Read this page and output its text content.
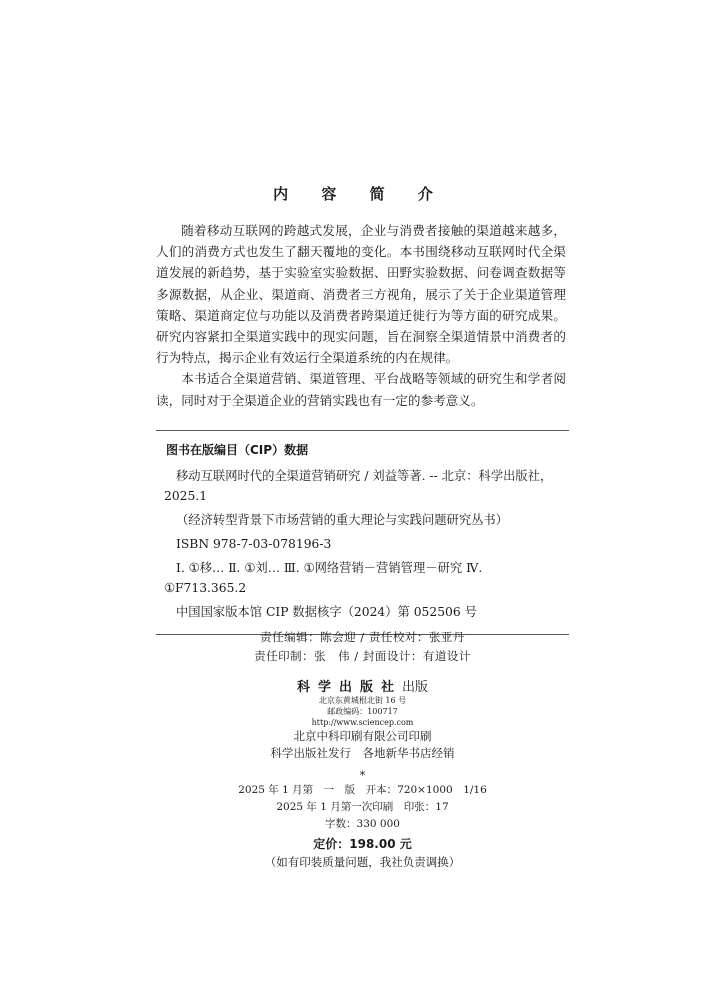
内 容 简 介

随着移动互联网的跨越式发展，企业与消费者接触的渠道越来越多，人们的消费方式也发生了翻天覆地的变化。本书围绕移动互联网时代全渠道发展的新趋势，基于实验室实验数据、田野实验数据、问卷调查数据等多源数据，从企业、渠道商、消费者三方视角，展示了关于企业渠道管理策略、渠道商定位与功能以及消费者跨渠道迁徙行为等方面的研究成果。研究内容紧扣全渠道实践中的现实问题，旨在洞察全渠道情景中消费者的行为特点，揭示企业有效运行全渠道系统的内在规律。

本书适合全渠道营销、渠道管理、平台战略等领域的研究生和学者阅读，同时对于全渠道企业的营销实践也有一定的参考意义。

图书在版编目（CIP）数据
移动互联网时代的全渠道营销研究 / 刘益等著. -- 北京：科学出版社，2025.1
（经济转型背景下市场营销的重大理论与实践问题研究丛书）
ISBN 978-7-03-078196-3
Ⅰ. ①移… Ⅱ. ①刘… Ⅲ. ①网络营销－营销管理－研究 Ⅳ. ①F713.365.2
中国国家版本馆 CIP 数据核字（2024）第 052506 号
责任编辑：陈会迎 / 责任校对：张亚丹
责任印制：张　伟 / 封面设计：有道设计
科学出版社出版
北京东黄城根北街 16 号
邮政编码：100717
http://www.sciencep.com
北京中科印刷有限公司印刷
科学出版社发行　各地新华书店经销
*
2025 年 1 月第　一　版　开本：720×1000　1/16
2025 年 1 月第一次印刷　印张：17
字数：330 000
定价：198.00 元
（如有印装质量问题，我社负责调换）
